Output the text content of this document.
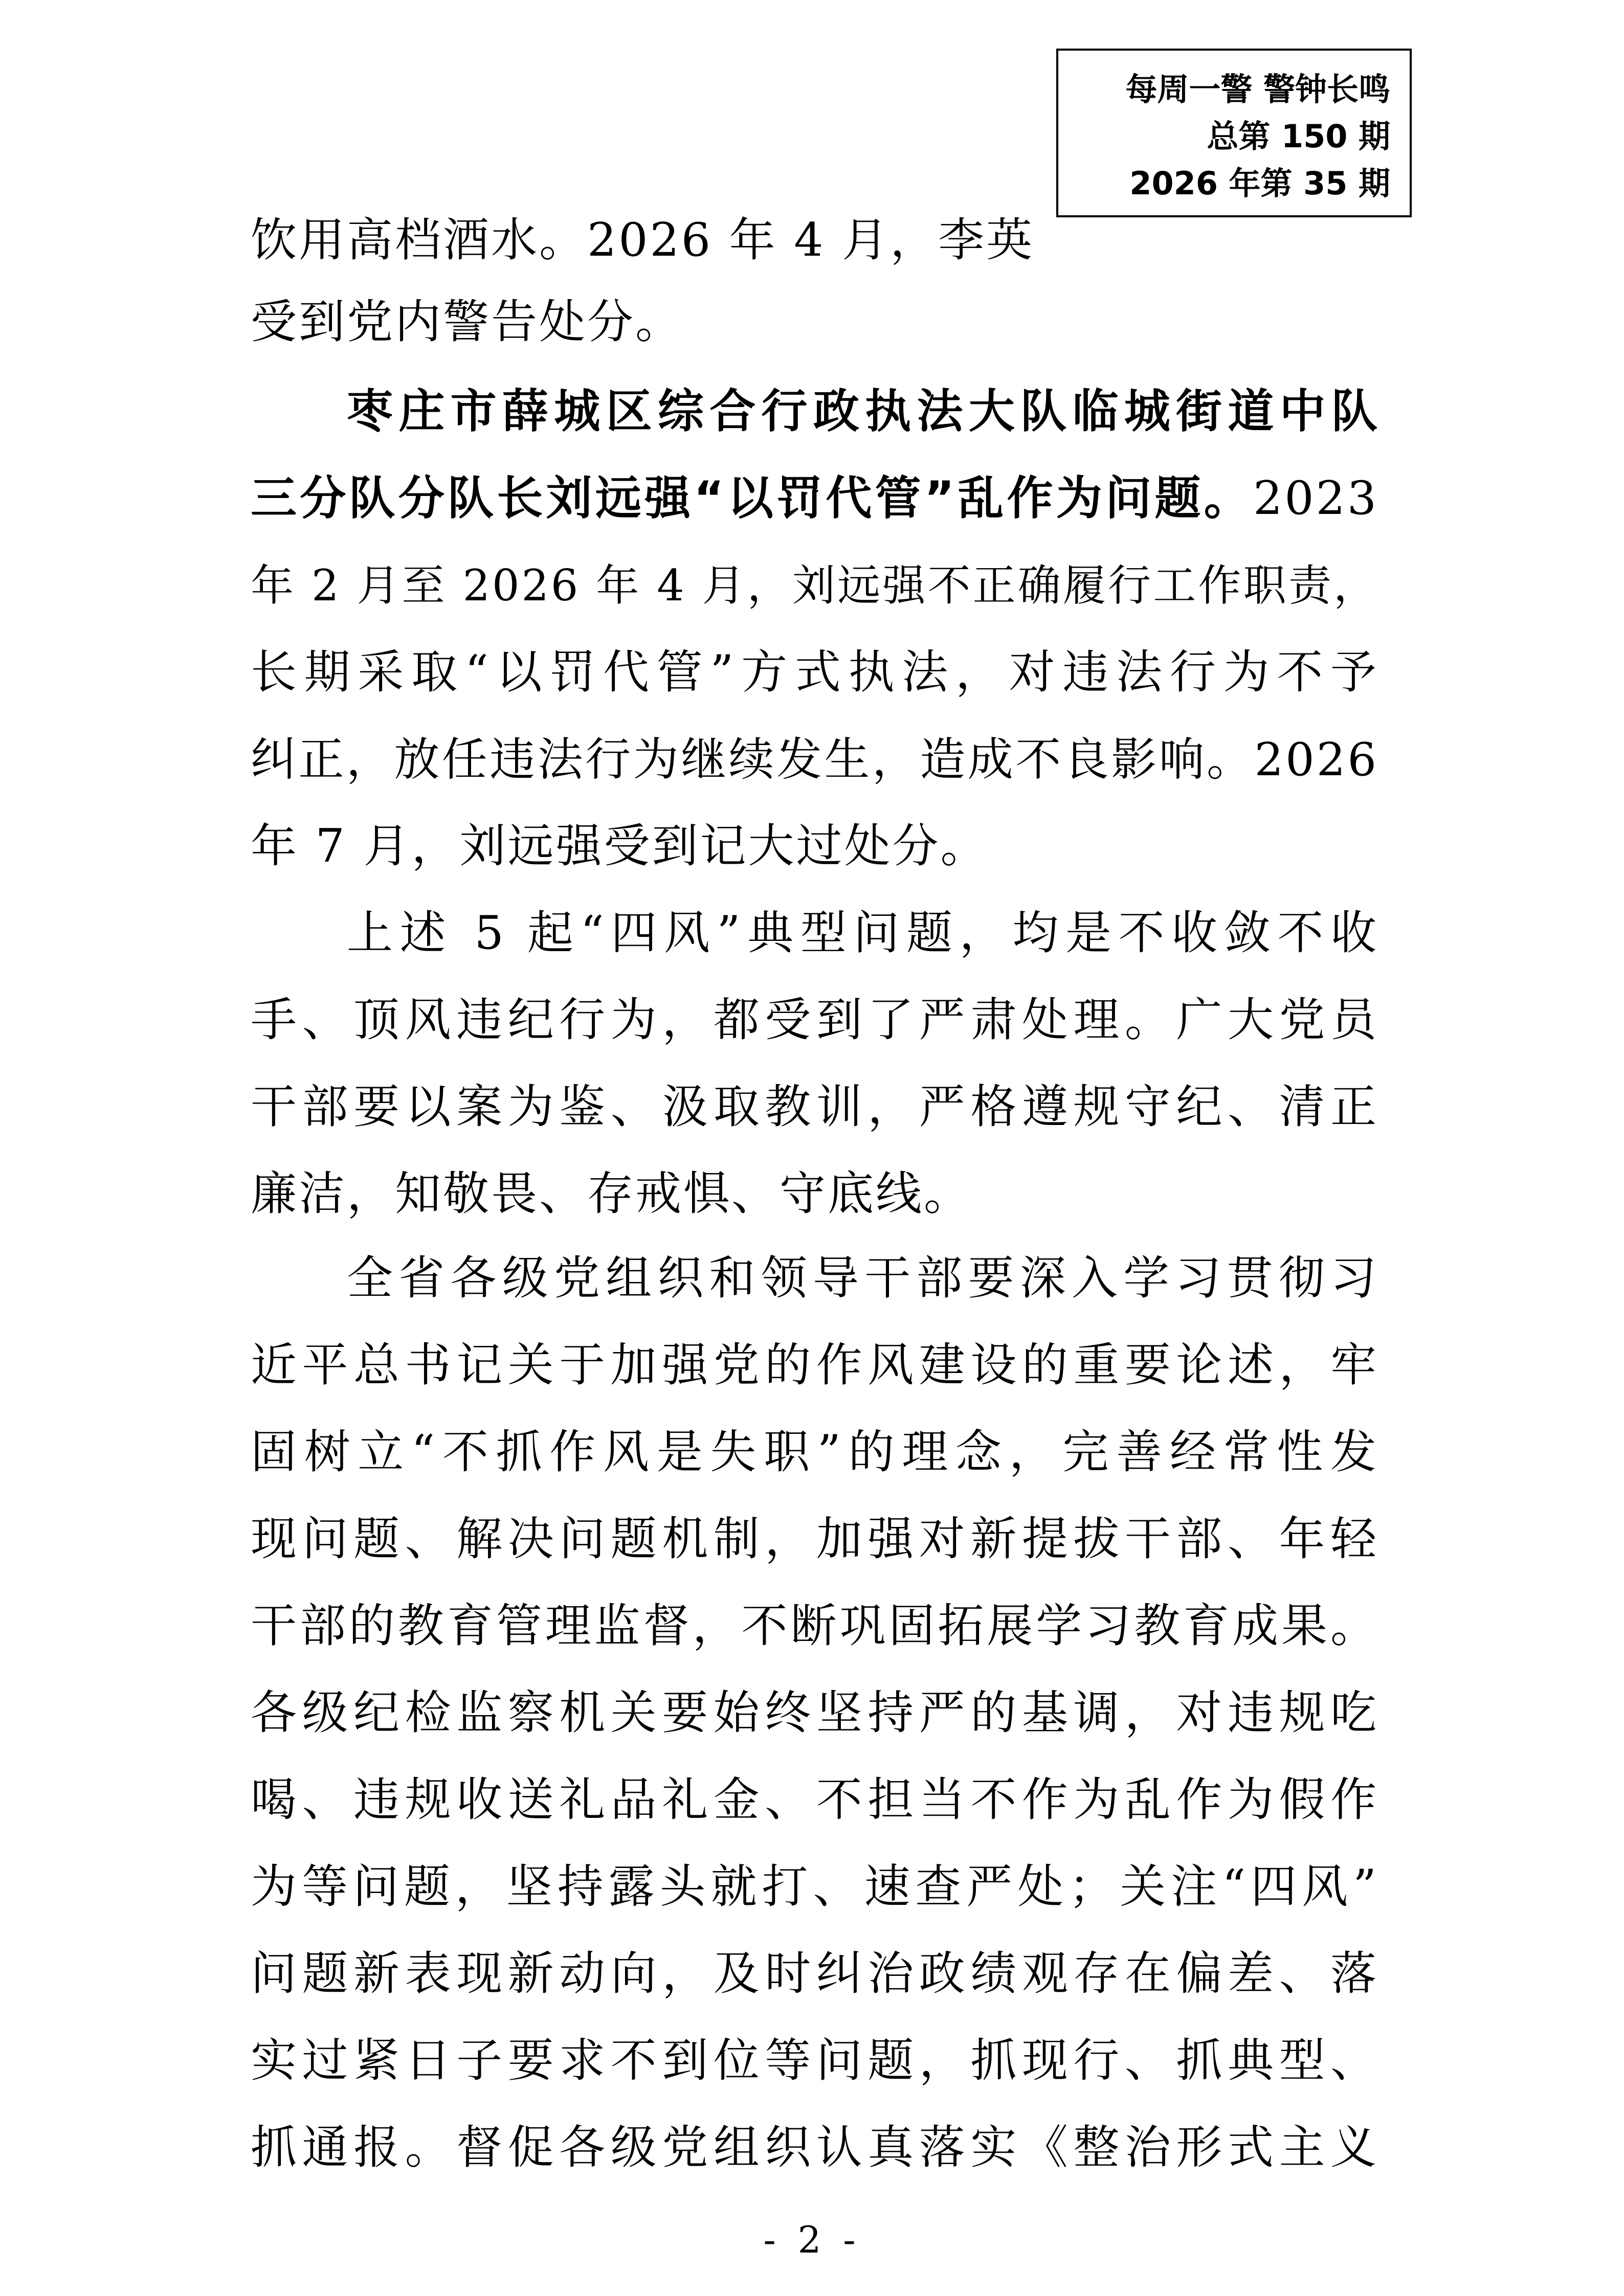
每周一警 警钟长鸣
总第 150 期
2026 年第 35 期
饮用高档酒水。2026 年 4 月，李英
受到党内警告处分。
枣庄市薛城区综合行政执法大队临城街道中队
三分队分队长刘远强“以罚代管”乱作为问题。2023
年 2 月至 2026 年 4 月，刘远强不正确履行工作职责，
长期采取“以罚代管”方式执法，对违法行为不予
纠正，放任违法行为继续发生，造成不良影响。2026
年 7 月，刘远强受到记大过处分。
上述 5 起“四风”典型问题，均是不收敛不收
手、顶风违纪行为，都受到了严肃处理。广大党员
干部要以案为鉴、汲取教训，严格遵规守纪、清正
廉洁，知敬畏、存戒惧、守底线。
全省各级党组织和领导干部要深入学习贯彻习
近平总书记关于加强党的作风建设的重要论述，牢
固树立“不抓作风是失职”的理念，完善经常性发
现问题、解决问题机制，加强对新提拔干部、年轻
干部的教育管理监督，不断巩固拓展学习教育成果。
各级纪检监察机关要始终坚持严的基调，对违规吃
喝、违规收送礼品礼金、不担当不作为乱作为假作
为等问题，坚持露头就打、速查严处；关注“四风”
问题新表现新动向，及时纠治政绩观存在偏差、落
实过紧日子要求不到位等问题，抓现行、抓典型、
抓通报。督促各级党组织认真落实《整治形式主义
- 2 -
